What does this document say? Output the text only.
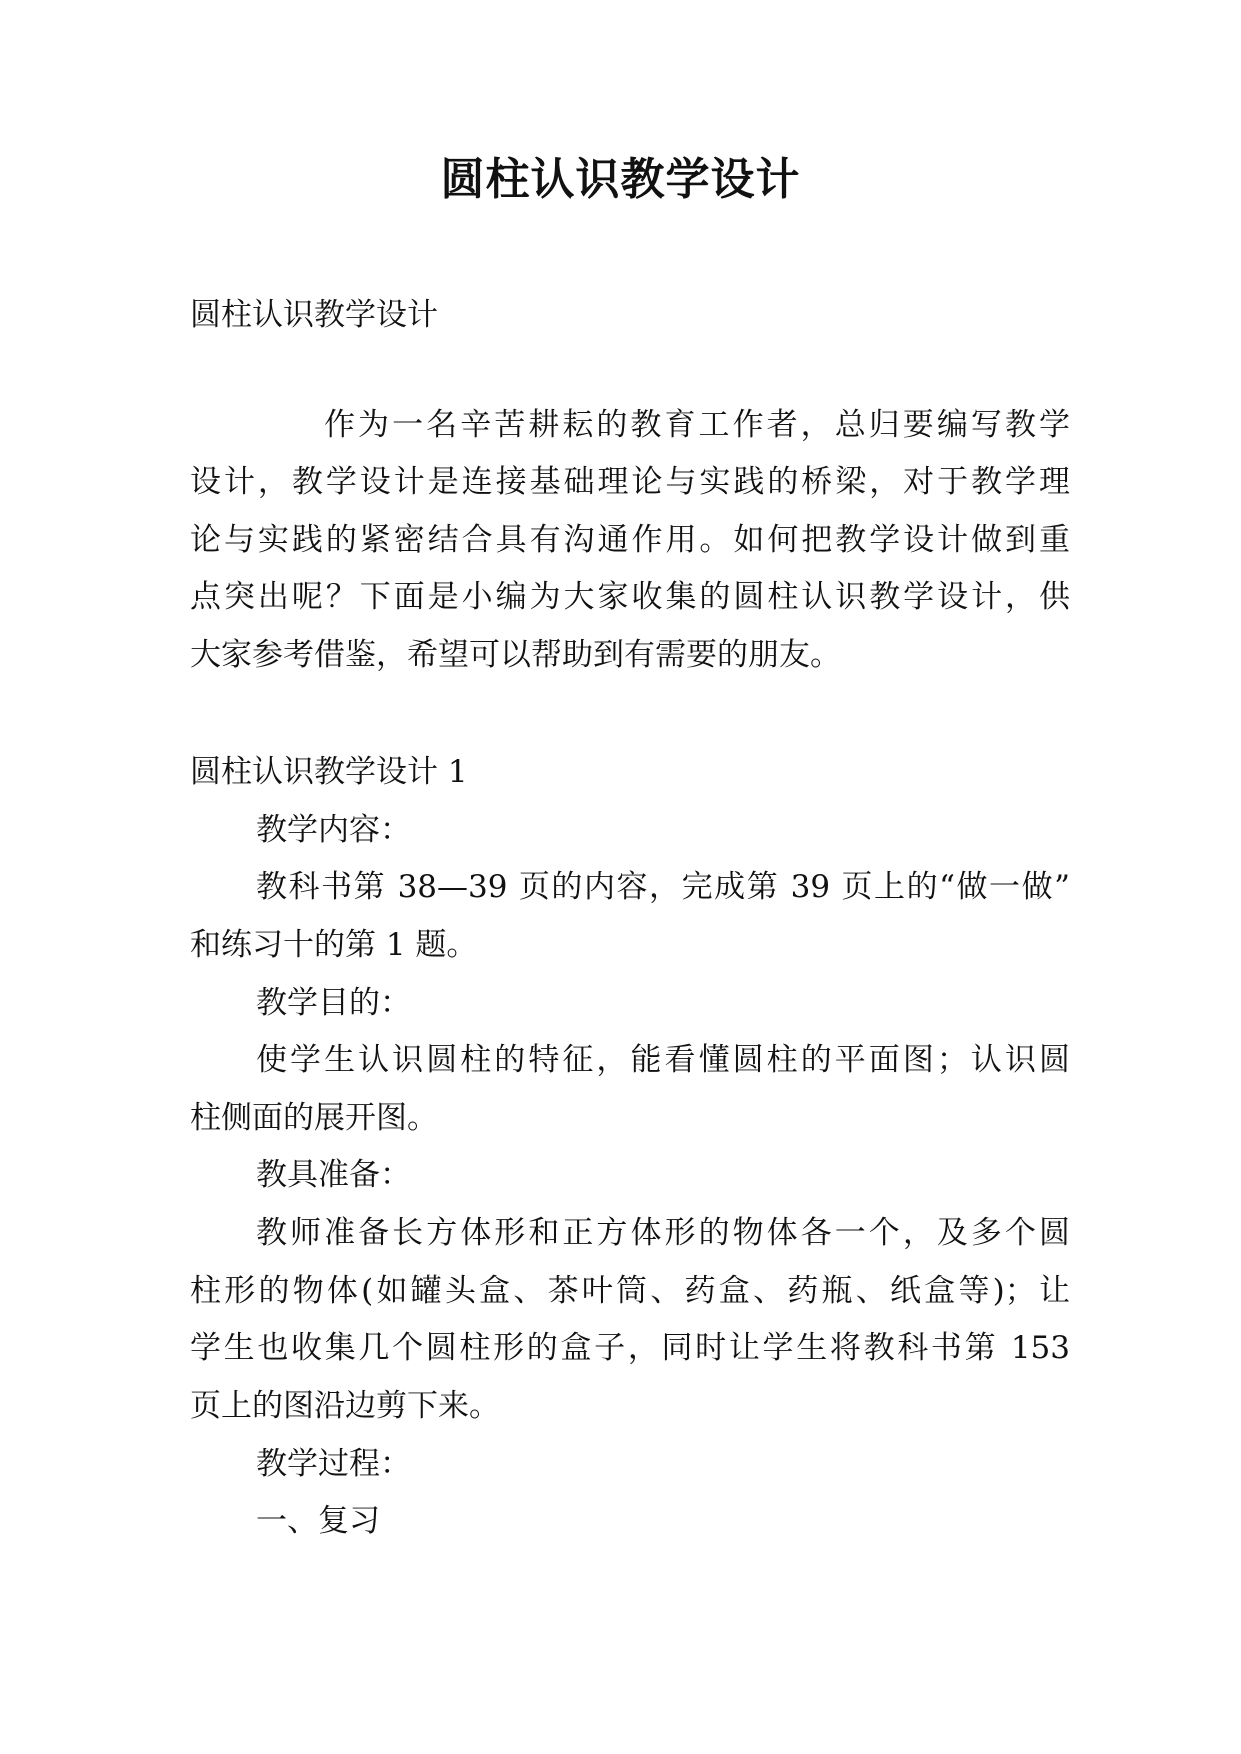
圆柱认识教学设计

圆柱认识教学设计

作为一名辛苦耕耘的教育工作者，总归要编写教学

设计，教学设计是连接基础理论与实践的桥梁，对于教学理

论与实践的紧密结合具有沟通作用。如何把教学设计做到重

点突出呢？下面是小编为大家收集的圆柱认识教学设计，供

大家参考借鉴，希望可以帮助到有需要的朋友。

圆柱认识教学设计 1

教学内容：

教科书第 38—39 页的内容，完成第 39 页上的“做一做”

和练习十的第 1 题。

教学目的：

使学生认识圆柱的特征，能看懂圆柱的平面图；认识圆

柱侧面的展开图。

教具准备：

教师准备长方体形和正方体形的物体各一个，及多个圆

柱形的物体(如罐头盒、茶叶筒、药盒、药瓶、纸盒等)；让

学生也收集几个圆柱形的盒子，同时让学生将教科书第 153

页上的图沿边剪下来。

教学过程：

一、复习
